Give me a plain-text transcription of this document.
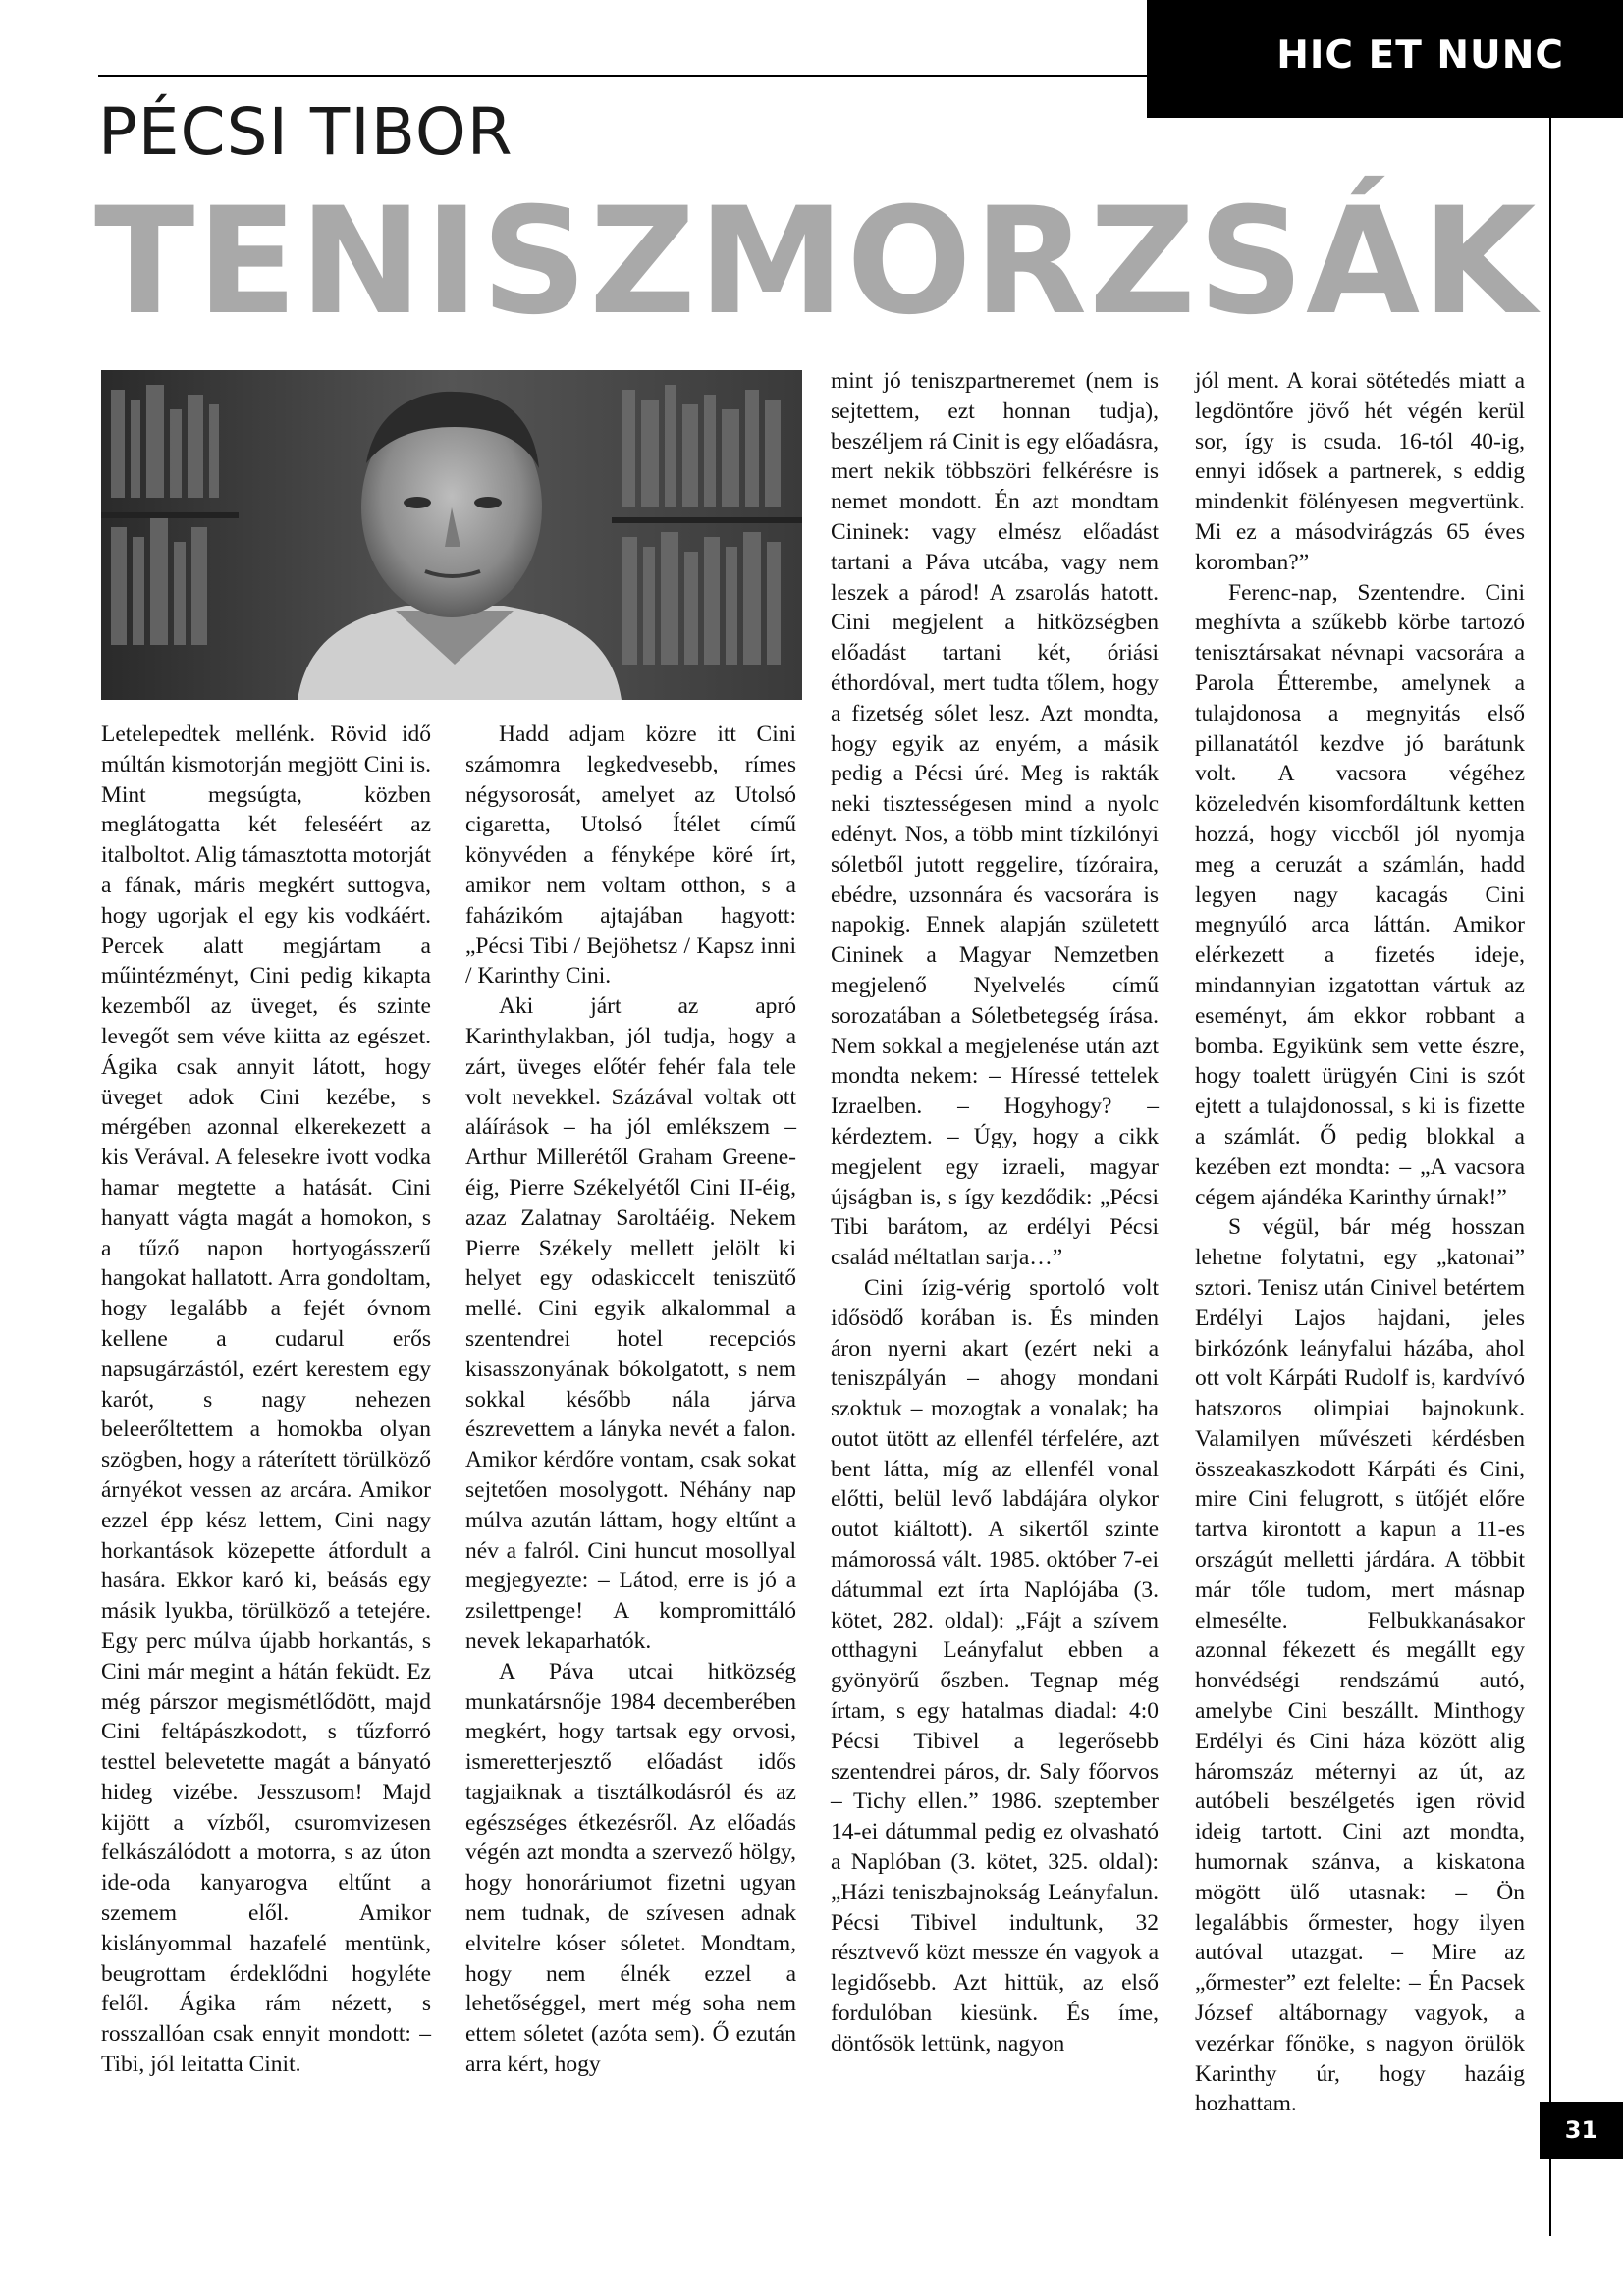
HIC ET NUNC
PÉCSI TIBOR
TENISZMORZSÁK

Letelepedtek mellénk. Rövid idő múltán kismotorján megjött Cini is. Mint megsúgta, közben meglátogatta két feleséért az italboltot. Alig támasztotta motorját a fának, máris megkért suttogva, hogy ugorjak el egy kis vodkáért. Percek alatt megjártam a műintézményt, Cini pedig kikapta kezemből az üveget, és szinte levegőt sem véve kiitta az egészet. Ágika csak annyit látott, hogy üveget adok Cini kezébe, s mérgében azonnal elkerekezett a kis Verával. A felesekre ivott vodka hamar megtette a hatását. Cini hanyatt vágta magát a homokon, s a tűző napon hortyogásszerű hangokat hallatott. Arra gondoltam, hogy legalább a fejét óvnom kellene a cudarul erős napsugárzástól, ezért kerestem egy karót, s nagy nehezen beleerőltettem a homokba olyan szögben, hogy a ráterített törülköző árnyékot vessen az arcára. Amikor ezzel épp kész lettem, Cini nagy horkantások közepette átfordult a hasára. Ekkor karó ki, beásás egy másik lyukba, törülköző a tetejére. Egy perc múlva újabb horkantás, s Cini már megint a hátán feküdt. Ez még párszor megismétlődött, majd Cini feltápászkodott, s tűzforró testtel belevetette magát a bányató hideg vizébe. Jesszusom! Majd kijött a vízből, csuromvizesen felkászálódott a motorra, s az úton ide-oda kanyarogva eltűnt a szemem elől. Amikor kislányommal hazafelé mentünk, beugrottam érdeklődni hogyléte felől. Ágika rám nézett, s rosszallóan csak ennyit mondott: – Tibi, jól leitatta Cinit.

Hadd adjam közre itt Cini számomra legkedvesebb, rímes négysorosát, amelyet az Utolsó cigaretta, Utolsó Ítélet című könyvéden a fényképe köré írt, amikor nem voltam otthon, s a faházikóm ajtajában hagyott: „Pécsi Tibi / Bejöhetsz / Kapsz inni / Karinthy Cini.

Aki járt az apró Karinthylakban, jól tudja, hogy a zárt, üveges előtér fehér fala tele volt nevekkel. Százával voltak ott aláírások – ha jól emlékszem – Arthur Millerétől Graham Greene-éig, Pierre Székelyétől Cini II-éig, azaz Zalatnay Saroltáéig. Nekem Pierre Székely mellett jelölt ki helyet egy odaskiccelt teniszütő mellé. Cini egyik alkalommal a szentendrei hotel recepciós kisasszonyának bókolgatott, s nem sokkal később nála járva észrevettem a lányka nevét a falon. Amikor kérdőre vontam, csak sokat sejtetően mosolygott. Néhány nap múlva azután láttam, hogy eltűnt a név a falról. Cini huncut mosollyal megjegyezte: – Látod, erre is jó a zsilettpenge! A kompromittáló nevek lekaparhatók.

A Páva utcai hitközség munkatársnője 1984 decemberében megkért, hogy tartsak egy orvosi, ismeretterjesztő előadást idős tagjaiknak a tisztálkodásról és az egészséges étkezésről. Az előadás végén azt mondta a szervező hölgy, hogy honoráriumot fizetni ugyan nem tudnak, de szívesen adnak elvitelre kóser sóletet. Mondtam, hogy nem élnék ezzel a lehetőséggel, mert még soha nem ettem sóletet (azóta sem). Ő ezután arra kért, hogy

mint jó teniszpartneremet (nem is sejtettem, ezt honnan tudja), beszéljem rá Cinit is egy előadásra, mert nekik többszöri felkérésre is nemet mondott. Én azt mondtam Cininek: vagy elmész előadást tartani a Páva utcába, vagy nem leszek a párod! A zsarolás hatott. Cini megjelent a hitközségben előadást tartani két, óriási éthordóval, mert tudta tőlem, hogy a fizetség sólet lesz. Azt mondta, hogy egyik az enyém, a másik pedig a Pécsi úré. Meg is rakták neki tisztességesen mind a nyolc edényt. Nos, a több mint tízkilónyi sóletből jutott reggelire, tízóraira, ebédre, uzsonnára és vacsorára is napokig. Ennek alapján született Cininek a Magyar Nemzetben megjelenő Nyelvelés című sorozatában a Sóletbetegség írása. Nem sokkal a megjelenése után azt mondta nekem: – Híressé tettelek Izraelben. – Hogyhogy? – kérdeztem. – Úgy, hogy a cikk megjelent egy izraeli, magyar újságban is, s így kezdődik: „Pécsi Tibi barátom, az erdélyi Pécsi család méltatlan sarja…”

Cini ízig-vérig sportoló volt idősödő korában is. És minden áron nyerni akart (ezért neki a teniszpályán – ahogy mondani szoktuk – mozogtak a vonalak; ha outot ütött az ellenfél térfelére, azt bent látta, míg az ellenfél vonal előtti, belül levő labdájára olykor outot kiáltott). A sikertől szinte mámorossá vált. 1985. október 7-ei dátummal ezt írta Naplójába (3. kötet, 282. oldal): „Fájt a szívem otthagyni Leányfalut ebben a gyönyörű őszben. Tegnap még írtam, s egy hatalmas diadal: 4:0 Pécsi Tibivel a legerősebb szentendrei páros, dr. Saly főorvos – Tichy ellen.” 1986. szeptember 14-ei dátummal pedig ez olvasható a Naplóban (3. kötet, 325. oldal): „Házi teniszbajnokság Leányfalun. Pécsi Tibivel indultunk, 32 résztvevő közt messze én vagyok a legidősebb. Azt hittük, az első fordulóban kiesünk. És íme, döntősök lettünk, nagyon

jól ment. A korai sötétedés miatt a legdöntőre jövő hét végén kerül sor, így is csuda. 16-tól 40-ig, ennyi idősek a partnerek, s eddig mindenkit fölényesen megvertünk. Mi ez a másodvirágzás 65 éves koromban?”

Ferenc-nap, Szentendre. Cini meghívta a szűkebb körbe tartozó tenisztársakat névnapi vacsorára a Parola Étterembe, amelynek a tulajdonosa a megnyitás első pillanatától kezdve jó barátunk volt. A vacsora végéhez közeledvén kisomfordáltunk ketten hozzá, hogy viccből jól nyomja meg a ceruzát a számlán, hadd legyen nagy kacagás Cini megnyúló arca láttán. Amikor elérkezett a fizetés ideje, mindannyian izgatottan vártuk az eseményt, ám ekkor robbant a bomba. Egyikünk sem vette észre, hogy toalett ürügyén Cini is szót ejtett a tulajdonossal, s ki is fizette a számlát. Ő pedig blokkal a kezében ezt mondta: – „A vacsora cégem ajándéka Karinthy úrnak!”

S végül, bár még hosszan lehetne folytatni, egy „katonai” sztori. Tenisz után Cinivel betértem Erdélyi Lajos hajdani, jeles birkózónk leányfalui házába, ahol ott volt Kárpáti Rudolf is, kardvívó hatszoros olimpiai bajnokunk. Valamilyen művészeti kérdésben összeakaszkodott Kárpáti és Cini, mire Cini felugrott, s ütőjét előre tartva kirontott a kapun a 11-es országút melletti járdára. A többit már tőle tudom, mert másnap elmesélte. Felbukkanásakor azonnal fékezett és megállt egy honvédségi rendszámú autó, amelybe Cini beszállt. Minthogy Erdélyi és Cini háza között alig háromszáz méternyi az út, az autóbeli beszélgetés igen rövid ideig tartott. Cini azt mondta, humornak szánva, a kiskatona mögött ülő utasnak: – Ön legalábbis őrmester, hogy ilyen autóval utazgat. – Mire az „őrmester” ezt felelte: – Én Pacsek József altábornagy vagyok, a vezérkar főnöke, s nagyon örülök Karinthy úr, hogy hazáig hozhattam.

31
